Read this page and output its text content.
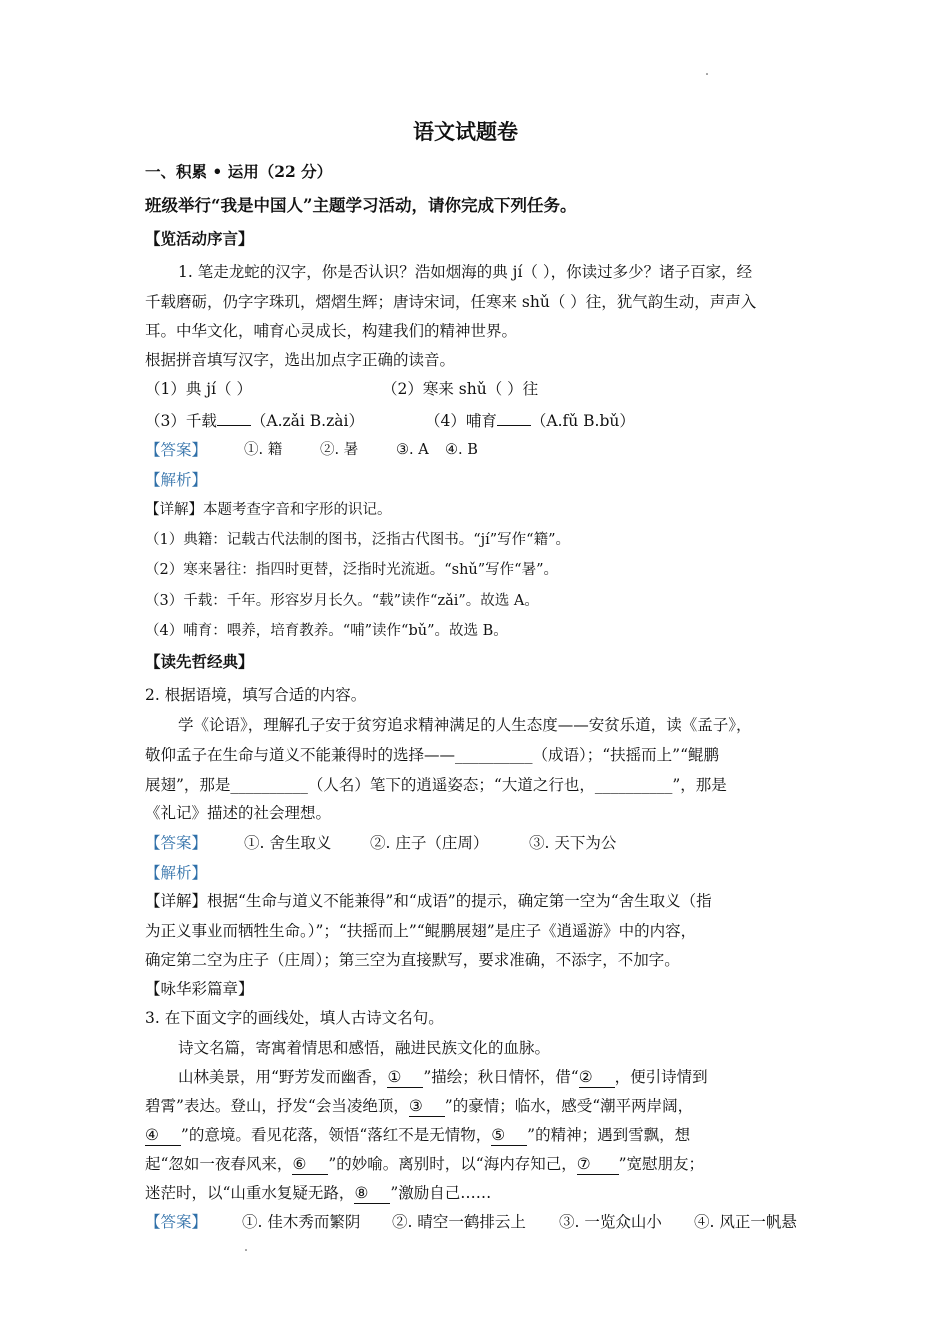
语文试题卷
一、积累 • 运用（22 分）
班级举行“我是中国人”主题学习活动，请你完成下列任务。
【览活动序言】
1. 笔走龙蛇的汉字，你是否认识？浩如烟海的典 jí（ ），你读过多少？诸子百家，经
千载磨砺，仍字字珠玑，熠熠生辉；唐诗宋词，任寒来 shǔ（ ）往，犹气韵生动，声声入
耳。中华文化，哺育心灵成长，构建我们的精神世界。
根据拼音填写汉字，选出加点字正确的读音。
（1）典 jí（ ）	（2）寒来 shǔ（ ）往
（3）千载 （A.zǎi B.zài）	（4）哺育 （A.fǔ B.bǔ）
【答案】	①. 籍	②. 暑	③. A ④. B
【解析】
【详解】本题考查字音和字形的识记。
（1）典籍：记载古代法制的图书，泛指古代图书。“jí”写作“籍”。
（2）寒来暑往：指四时更替，泛指时光流逝。“shǔ”写作“暑”。
（3）千载：千年。形容岁月长久。“载”读作“zǎi”。故选 A。
（4）哺育：喂养，培育教养。“哺”读作“bǔ”。故选 B。
【读先哲经典】
2. 根据语境，填写合适的内容。
学《论语》，理解孔子安于贫穷追求精神满足的人生态度——安贫乐道，读《孟子》，
敬仰孟子在生命与道义不能兼得时的选择——__________（成语）；“扶摇而上”“鲲鹏
展翅”，那是__________（人名）笔下的逍遥姿态；“大道之行也，__________”，那是
《礼记》描述的社会理想。
【答案】 ①. 舍生取义 ②. 庄子（庄周）	③. 天下为公
【解析】
【详解】根据“生命与道义不能兼得”和“成语”的提示，确定第一空为“舍生取义（指
为正义事业而牺牲生命。）”；“扶摇而上”“鲲鹏展翅”是庄子《逍遥游》中的内容，
确定第二空为庄子（庄周）；第三空为直接默写，要求准确，不添字，不加字。
【咏华彩篇章】
3. 在下面文字的画线处，填人古诗文名句。
诗文名篇，寄寓着情思和感悟，融进民族文化的血脉。
山林美景，用“野芳发而幽香，① ”描绘；秋日情怀，借“② ，便引诗情到
碧霄”表达。登山，抒发“会当凌绝顶，③ ”的豪情；临水，感受“潮平两岸阔，
④ ”的意境。看见花落，领悟“落红不是无情物，⑤ ”的精神；遇到雪飘，想
起“忽如一夜春风来，⑥ ”的妙喻。离别时，以“海内存知己，⑦ ”宽慰朋友；
迷茫时，以“山重水复疑无路，⑧ ”激励自己……
【答案】 ①. 佳木秀而繁阴 ②. 晴空一鹤排云上 ③. 一览众山小 ④. 风正一帆悬
